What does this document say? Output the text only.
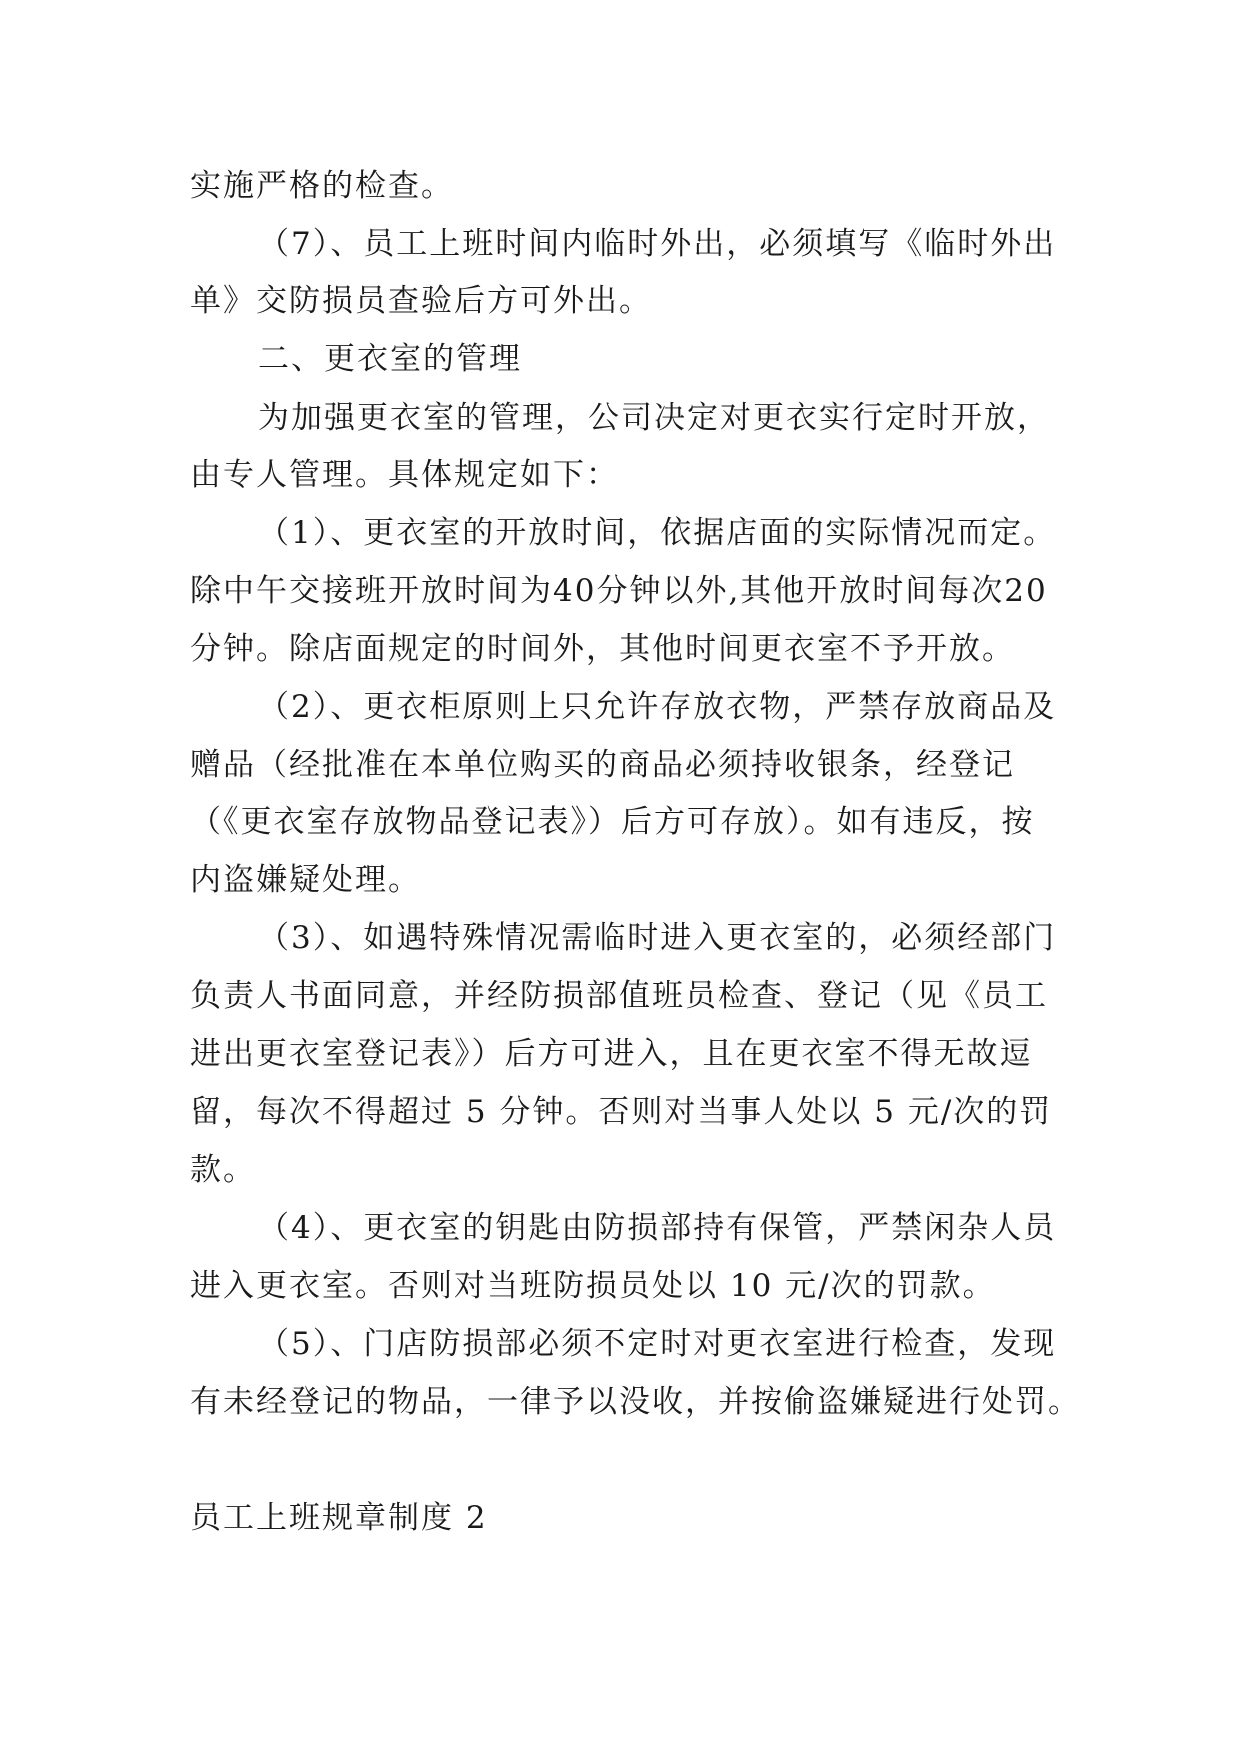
实施严格的检查。
（7）、员工上班时间内临时外出，必须填写《临时外出
单》交防损员查验后方可外出。
二、更衣室的管理
为加强更衣室的管理，公司决定对更衣实行定时开放，
由专人管理。具体规定如下：
（1）、更衣室的开放时间，依据店面的实际情况而定。
除中午交接班开放时间为40分钟以外,其他开放时间每次20
分钟。除店面规定的时间外，其他时间更衣室不予开放。
（2）、更衣柜原则上只允许存放衣物，严禁存放商品及
赠品（经批准在本单位购买的商品必须持收银条，经登记
（《更衣室存放物品登记表》）后方可存放）。如有违反，按
内盗嫌疑处理。
（3）、如遇特殊情况需临时进入更衣室的，必须经部门
负责人书面同意，并经防损部值班员检查、登记（见《员工
进出更衣室登记表》）后方可进入，且在更衣室不得无故逗
留，每次不得超过 5 分钟。否则对当事人处以 5 元/次的罚
款。
（4）、更衣室的钥匙由防损部持有保管，严禁闲杂人员
进入更衣室。否则对当班防损员处以 10 元/次的罚款。
（5）、门店防损部必须不定时对更衣室进行检查，发现
有未经登记的物品，一律予以没收，并按偷盗嫌疑进行处罚。
员工上班规章制度 2
